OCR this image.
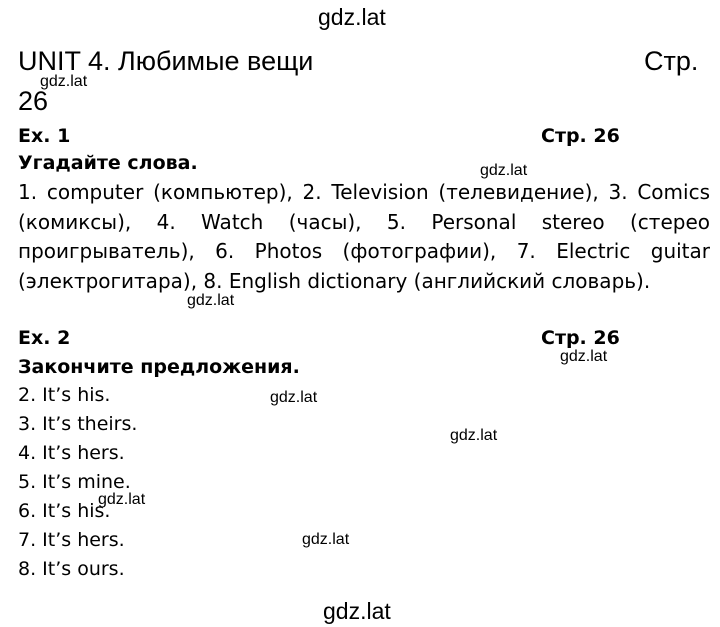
gdz.lat
UNIT 4. Любимые вещи	Стр.
26
gdz.lat
Ex. 1	Стр. 26
Угадайте слова.	gdz.lat
1. computer (компьютер), 2. Television (телевидение), 3. Comics (комиксы), 4. Watch (часы), 5. Personal stereo (стерео проигрыватель), 6. Photos (фотографии), 7. Electric guitar (электрогитара), 8. English dictionary (английский словарь).
gdz.lat
Ex. 2	Стр. 26
gdz.lat
Закончите предложения.
2. It’s his.	gdz.lat
3. It’s theirs.
4. It’s hers.
gdz.lat
5. It’s mine.
6. It’s his.
gdz.lat
7. It’s hers.	gdz.lat
8. It’s ours.
gdz.lat
